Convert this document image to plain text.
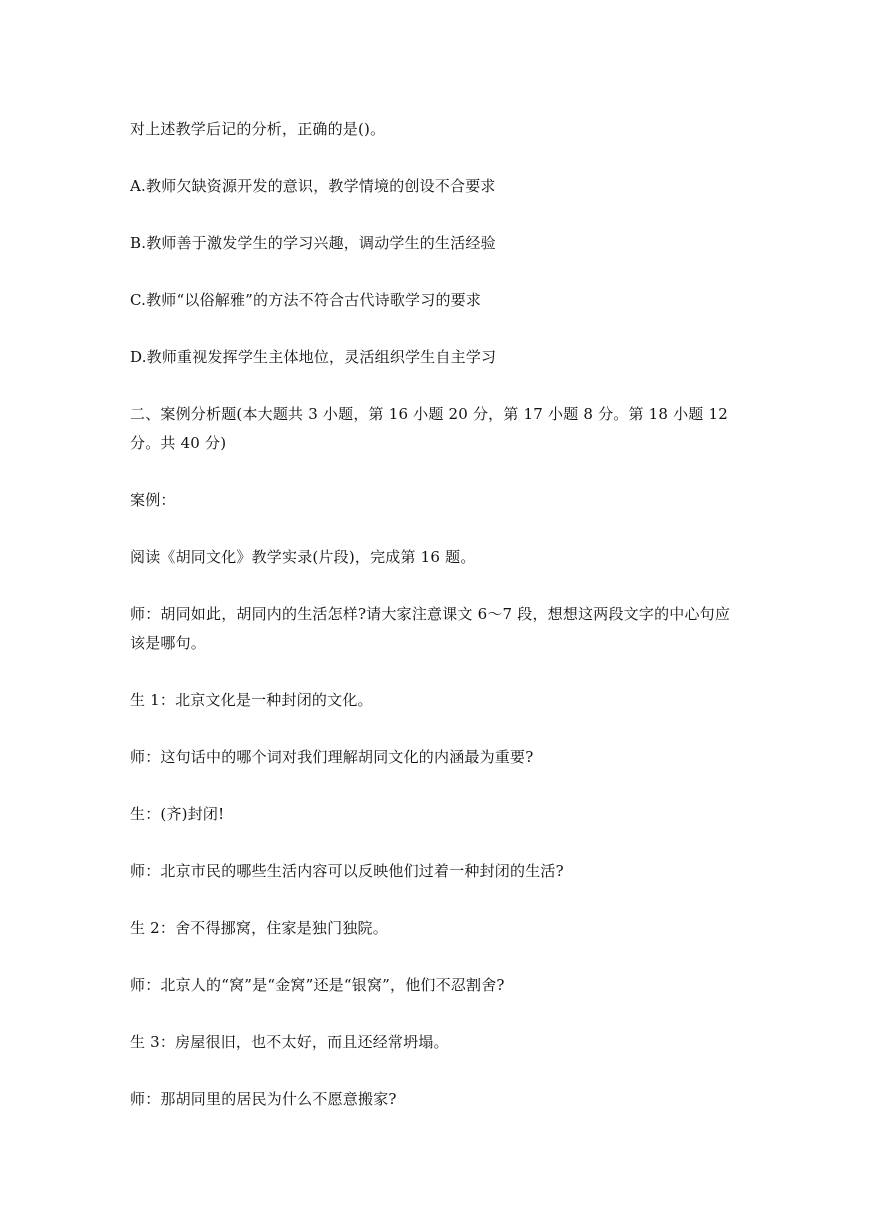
对上述教学后记的分析，正确的是()。
A.教师欠缺资源开发的意识，教学情境的创设不合要求
B.教师善于激发学生的学习兴趣，调动学生的生活经验
C.教师“以俗解雅”的方法不符合古代诗歌学习的要求
D.教师重视发挥学生主体地位，灵活组织学生自主学习
二、案例分析题(本大题共 3 小题，第 16 小题 20 分，第 17 小题 8 分。第 18 小题 12 分。共 40 分)
案例：
阅读《胡同文化》教学实录(片段)，完成第 16 题。
师：胡同如此，胡同内的生活怎样?请大家注意课文 6～7 段，想想这两段文字的中心句应该是哪句。
生 1：北京文化是一种封闭的文化。
师：这句话中的哪个词对我们理解胡同文化的内涵最为重要?
生：(齐)封闭!
师：北京市民的哪些生活内容可以反映他们过着一种封闭的生活?
生 2：舍不得挪窝，住家是独门独院。
师：北京人的“窝”是“金窝”还是“银窝”，他们不忍割舍?
生 3：房屋很旧，也不太好，而且还经常坍塌。
师：那胡同里的居民为什么不愿意搬家?
